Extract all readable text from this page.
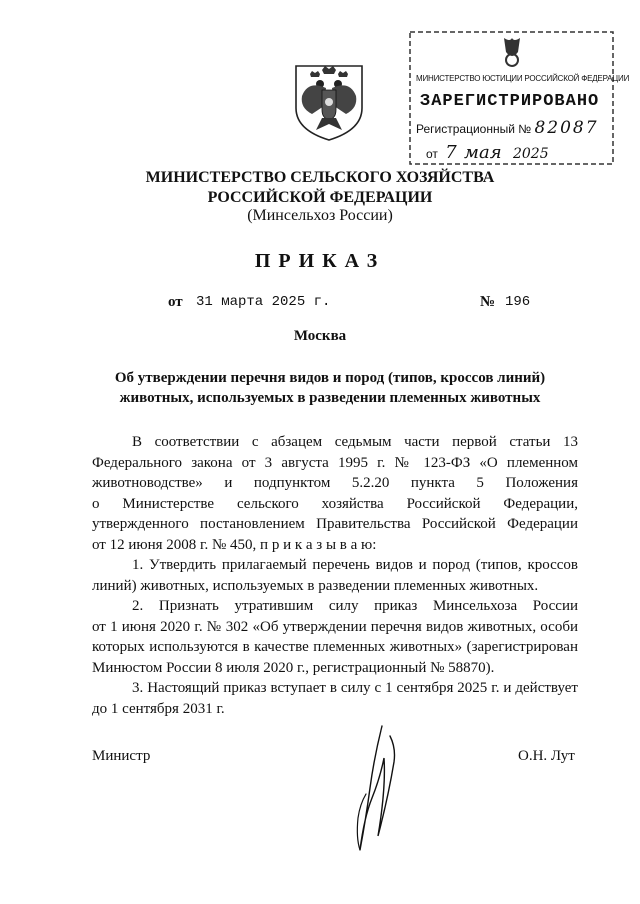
МИНИСТЕРСТВО ЮСТИЦИИ РОССИЙСКОЙ ФЕДЕРАЦИИ
ЗАРЕГИСТРИРОВАНО
Регистрационный № 82087
от 7 мая 2025
МИНИСТЕРСТВО СЕЛЬСКОГО ХОЗЯЙСТВА
РОССИЙСКОЙ ФЕДЕРАЦИИ
(Минсельхоз России)
ПРИКАЗ
от 31 марта 2025 г.	№ 196
Москва
Об утверждении перечня видов и пород (типов, кроссов линий)
животных, используемых в разведении племенных животных
В соответствии с абзацем седьмым части первой статьи 13
Федерального закона от 3 августа 1995 г. № 123-ФЗ «О племенном
животноводстве» и подпунктом 5.2.20 пункта 5 Положения
о Министерстве сельского хозяйства Российской Федерации,
утвержденного постановлением Правительства Российской Федерации
от 12 июня 2008 г. № 450, п р и к а з ы в а ю:
1. Утвердить прилагаемый перечень видов и пород (типов, кроссов
линий) животных, используемых в разведении племенных животных.
2. Признать утратившим силу приказ Минсельхоза России
от 1 июня 2020 г. № 302 «Об утверждении перечня видов животных, особи
которых используются в качестве племенных животных» (зарегистрирован
Минюстом России 8 июля 2020 г., регистрационный № 58870).
3. Настоящий приказ вступает в силу с 1 сентября 2025 г. и действует
до 1 сентября 2031 г.
Министр	О.Н. Лут
